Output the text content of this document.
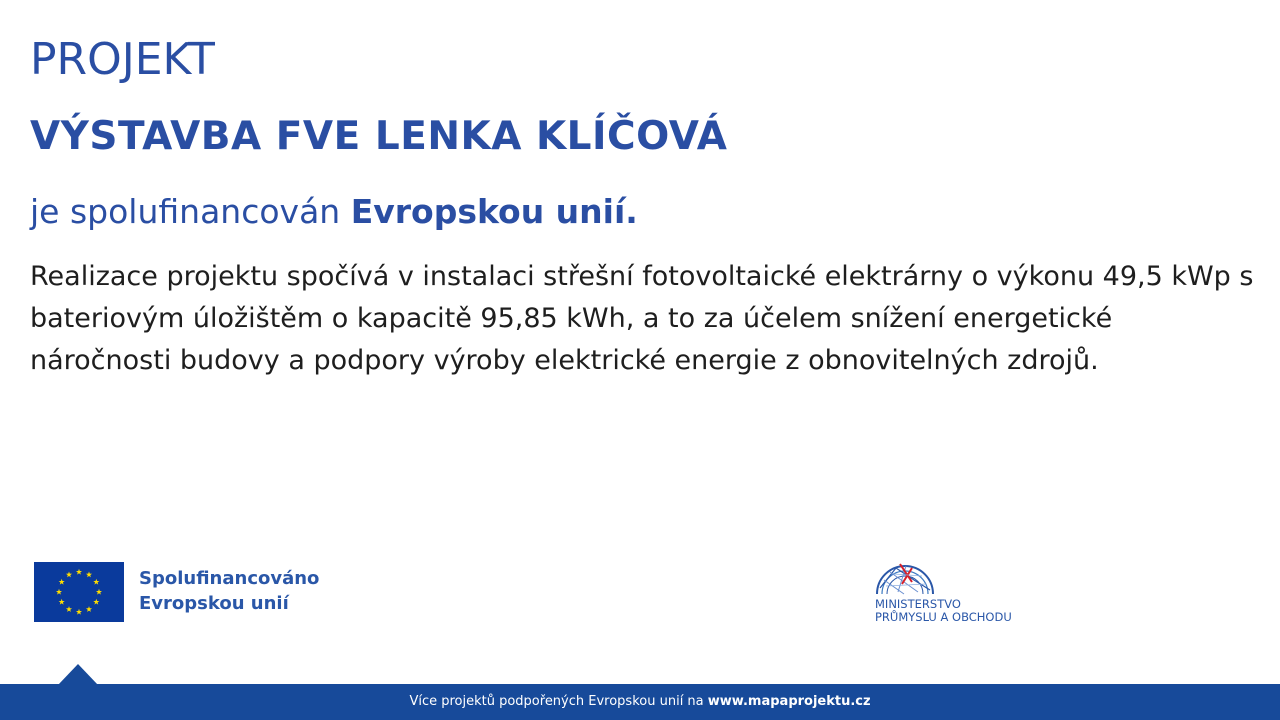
PROJEKT
VÝSTAVBA FVE LENKA KLÍČOVÁ
je spolufinancován Evropskou unií.
Realizace projektu spočívá v instalaci střešní fotovoltaické elektrárny o výkonu 49,5 kWp s bateriovým úložištěm o kapacitě 95,85 kWh, a to za účelem snížení energetické náročnosti budovy a podpory výroby elektrické energie z obnovitelných zdrojů.
Spolufinancováno
Evropskou unií	MINISTERSTVO
PRŮMYSLU A OBCHODU
Více projektů podpořených Evropskou unií na www.mapaprojektu.cz
